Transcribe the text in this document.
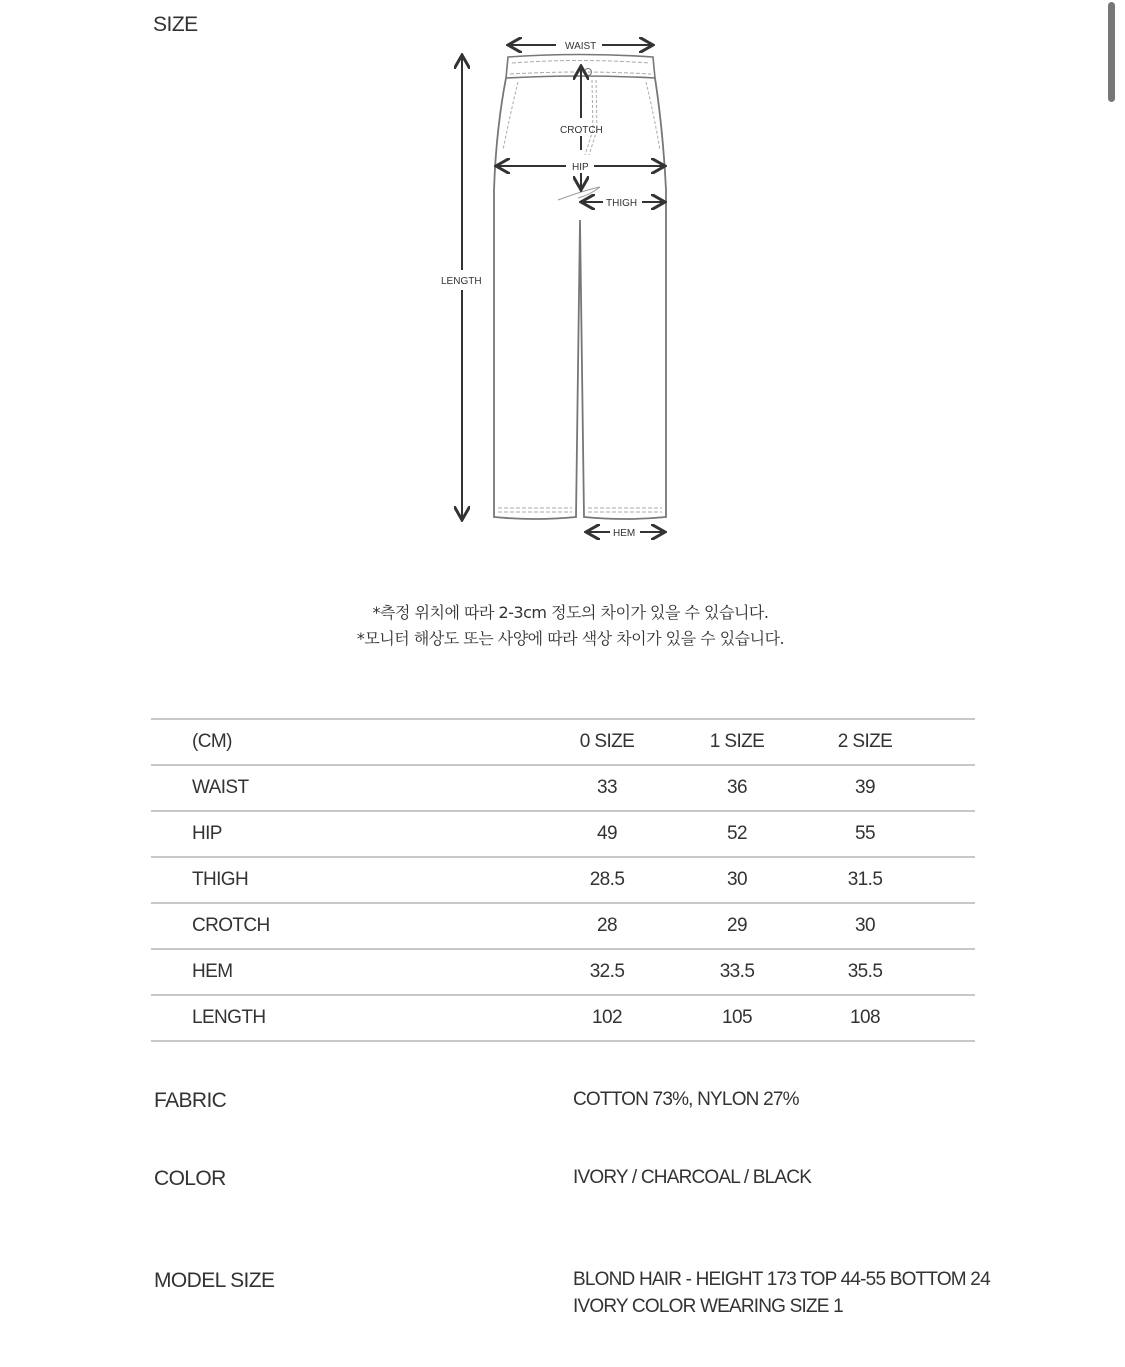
SIZE
WAIST
CROTCH
HIP
THIGH
LENGTH
HEM
*측정 위치에 따라 2-3cm 정도의 차이가 있을 수 있습니다.
*모니터 해상도 또는 사양에 따라 색상 차이가 있을 수 있습니다.
(CM)	0 SIZE	1 SIZE	2 SIZE	
WAIST	33	36	39	
HIP	49	52	55	
THIGH	28.5	30	31.5	
CROTCH	28	29	30	
HEM	32.5	33.5	35.5	
LENGTH	102	105	108	
FABRIC	COTTON 73%, NYLON 27%
COLOR	IVORY / CHARCOAL / BLACK
MODEL SIZE	BLOND HAIR - HEIGHT 173 TOP 44-55 BOTTOM 24
IVORY COLOR WEARING SIZE 1
